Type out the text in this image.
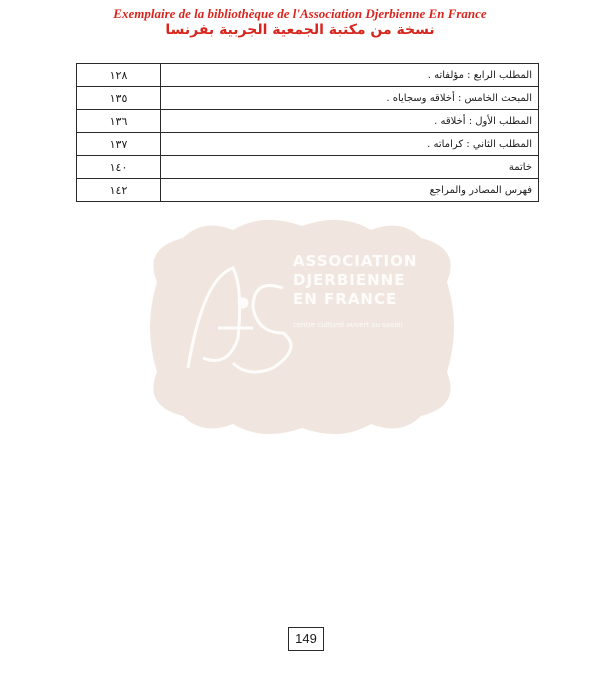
Exemplaire de la bibliothèque de l'Association Djerbienne En France
نسخة من مكتبة الجمعية الجربية بفرنسا
ASSOCIATION
DJERBIENNE
EN FRANCE
centre culturel ouvert au savoir
المطلب الرابع : مؤلفاته .	١٢٨
المبحث الخامس : أخلاقه وسجاياه .	١٣٥
المطلب الأول : أخلاقه .	١٣٦
المطلب الثاني : كراماته .	١٣٧
خاتمة	١٤٠
فهرس المصادر والمراجع	١٤٢
149
